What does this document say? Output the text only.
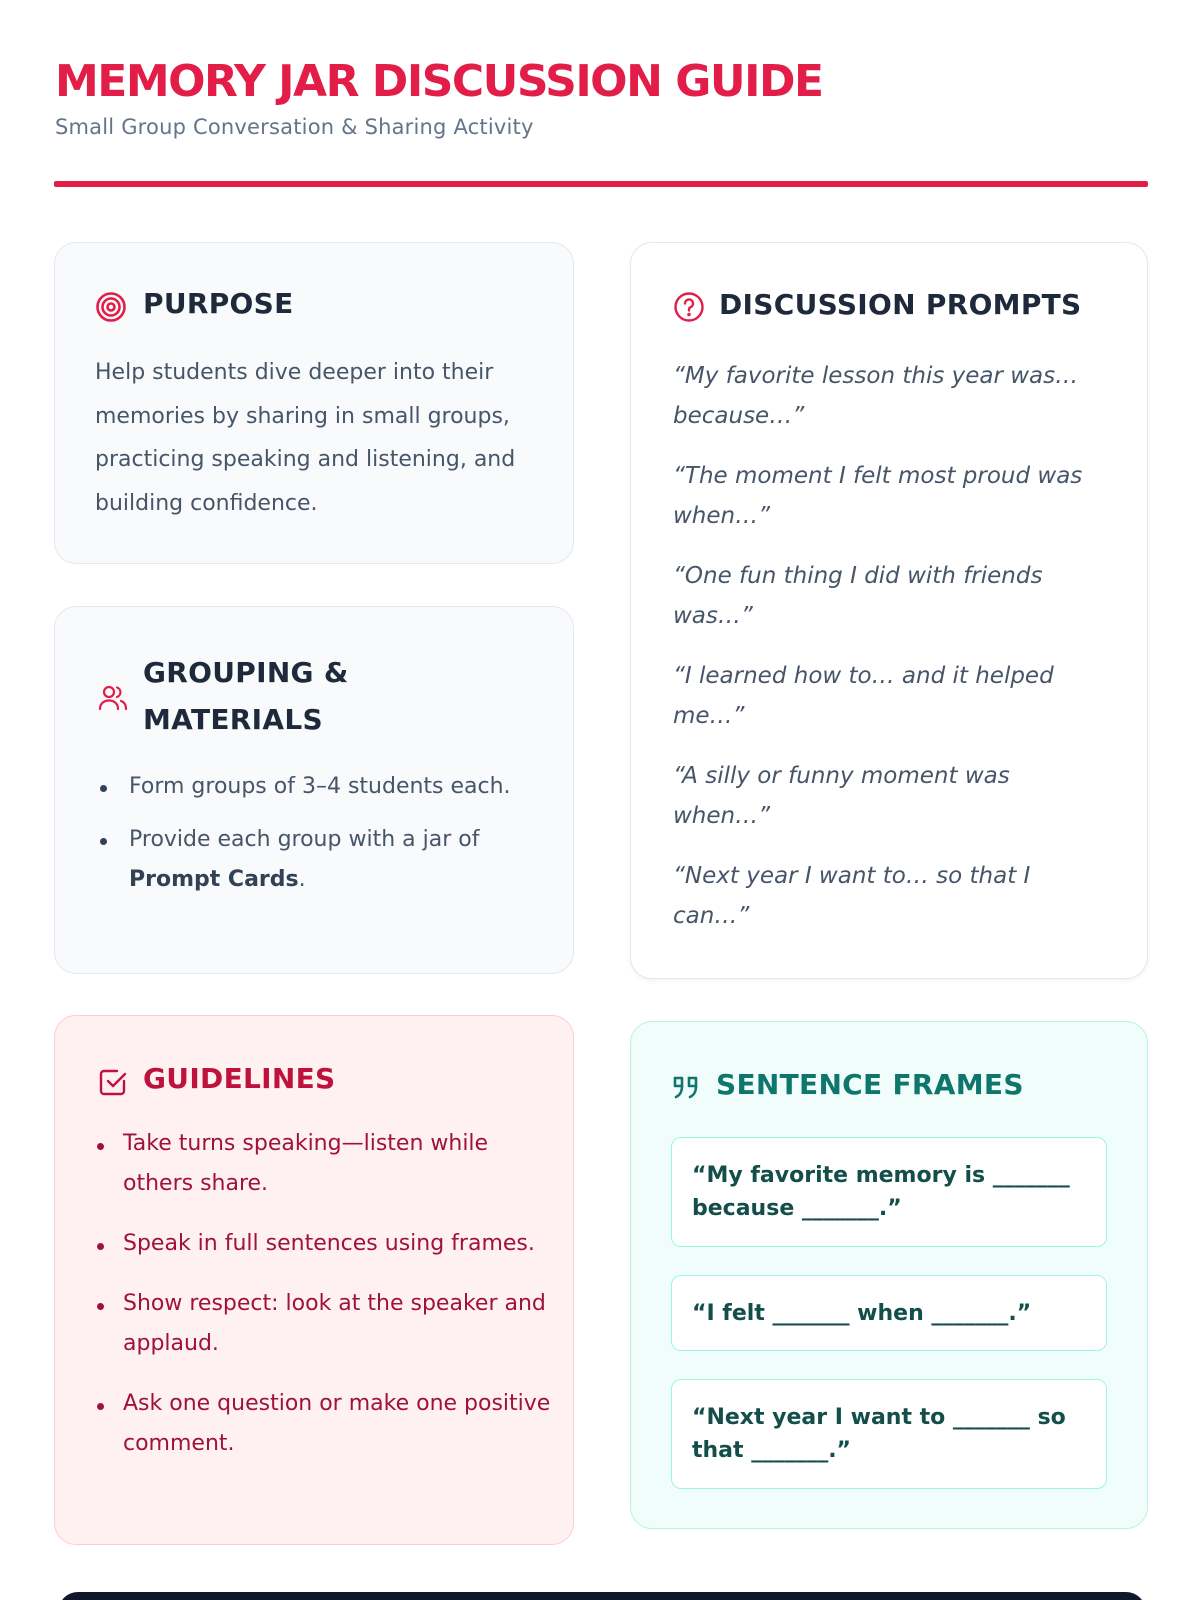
MEMORY JAR DISCUSSION GUIDE
Small Group Conversation & Sharing Activity
PURPOSE

Help students dive deeper into their memories by sharing in small groups, practicing speaking and listening, and building confidence.

GROUPING & MATERIALS
Form groups of 3–4 students each.
Provide each group with a jar of Prompt Cards.
GUIDELINES
Take turns speaking—listen while others share.
Speak in full sentences using frames.
Show respect: look at the speaker and applaud.
Ask one question or make one positive comment.
DISCUSSION PROMPTS
“My favorite lesson this year was… because…”
“The moment I felt most proud was when…”
“One fun thing I did with friends was…”
“I learned how to… and it helped me…”
“A silly or funny moment was when…”
“Next year I want to… so that I can…”
SENTENCE FRAMES
“My favorite memory is _______ because _______.”
“I felt _______ when _______.”
“Next year I want to _______ so that _______.”
